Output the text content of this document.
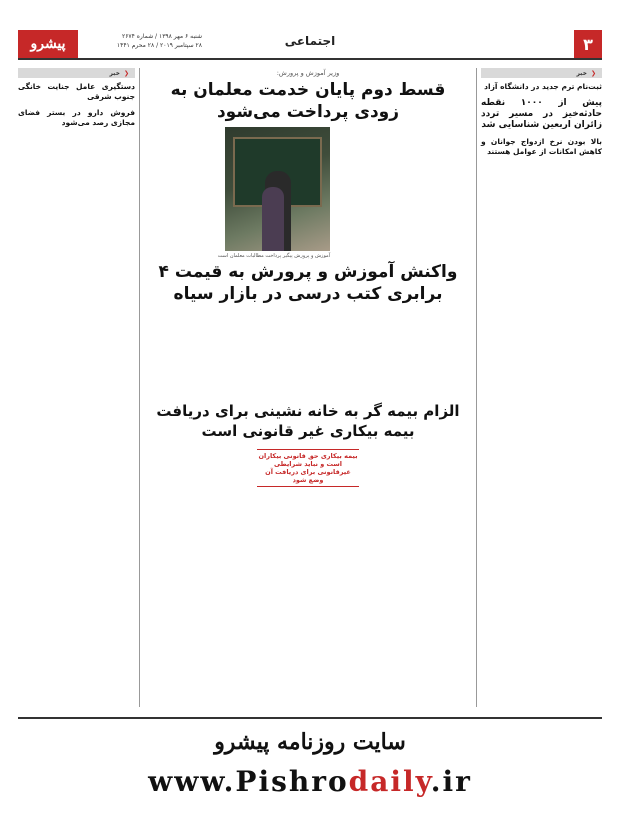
۳
اجتماعی
پیشرو	شنبه ۶ مهر ۱۳۹۸ / شماره ۲۶۷۴
۲۸ سپتامبر ۲۰۱۹ / ۲۸ محرم ۱۴۴۱
❮
خبر
ثبت‌نام ترم جدید در دانشگاه آزاد
پیش از ۱۰۰۰ نقطه حادثه‌خیز در مسیر تردد زائران اربعین شناسایی شد
بالا بودن نرخ ازدواج جوانان و کاهش امکانات از عوامل هستند
❮
خبر
دستگیری عامل جنایت خانگی جنوب شرقی
فروش دارو در بستر فضای مجازی رصد می‌شود
وزیر آموزش و پرورش:
قسط دوم پایان خدمت معلمان به زودی پرداخت می‌شود
آموزش و پرورش پیگیر پرداخت مطالبات معلمان است
واکنش آموزش و پرورش به قیمت ۴ برابری کتب درسی در بازار سیاه
الزام بیمه گر به خانه نشینی برای دریافت بیمه بیکاری غیر قانونی است
بیمه بیکاری حق قانونی بیکاران است و نباید شرایطی غیرقانونی برای دریافت آن وضع شود
سایت روزنامه پیشرو
www.Pishrodaily.ir
